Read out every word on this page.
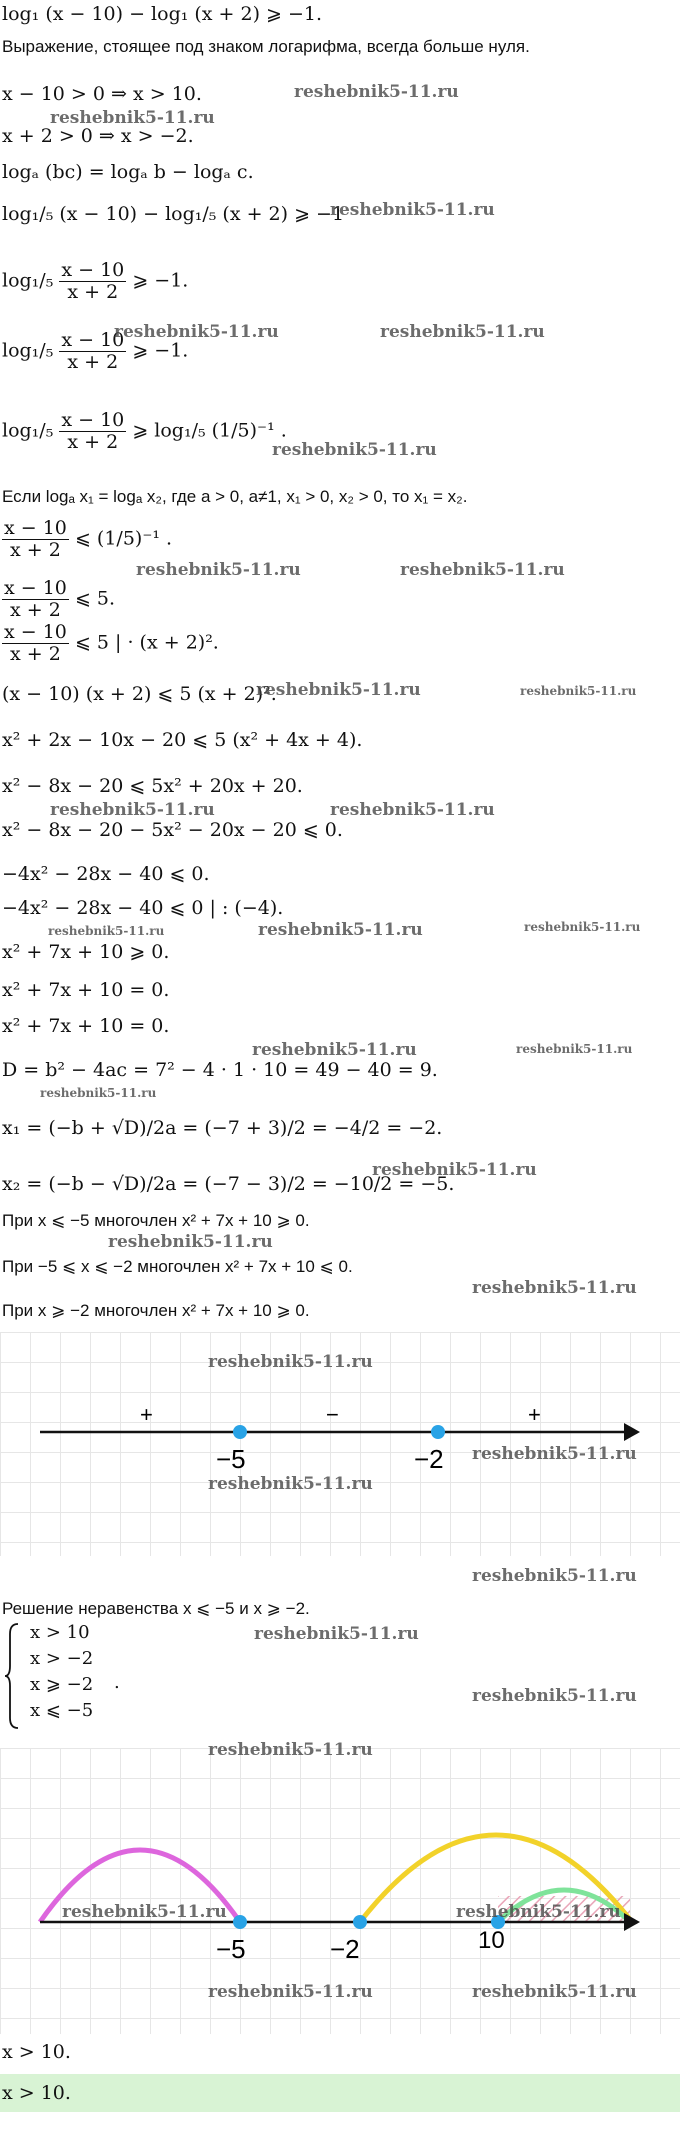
log₁ (x − 10) − log₁ (x + 2) ⩾ −1.
Выражение, стоящее под знаком логарифма, всегда больше нуля.
x − 10 > 0 ⇒ x > 10.
x + 2 > 0 ⇒ x > −2.
logₐ (bc) = logₐ b − logₐ c.
log₁/₅ (x − 10) − log₁/₅ (x + 2) ⩾ −1
$\log_1/_5 \frac{x - 10}{x + 2}$ ⩾ −1.
$\log_1/_5 \frac{x - 10}{x + 2}$ ⩾ −1.
$\log_1/_5 \frac{x - 10}{x + 2}$ ⩾ log₁/₅ (1/5)⁻¹ .
Если logₐ x₁ = logₐ x₂, где a > 0, a≠1, x₁ > 0, x₂ > 0, то x₁ = x₂.
$\frac{x - 10}{x + 2}$ ⩽ (1/5)⁻¹ .
$\frac{x - 10}{x + 2}$ ⩽ 5.
$\frac{x - 10}{x + 2}$ ⩽ 5 | · (x + 2)².
(x − 10) (x + 2) ⩽ 5 (x + 2)².
x² + 2x − 10x − 20 ⩽ 5 (x² + 4x + 4).
x² − 8x − 20 ⩽ 5x² + 20x + 20.
x² − 8x − 20 − 5x² − 20x − 20 ⩽ 0.
−4x² − 28x − 40 ⩽ 0.
−4x² − 28x − 40 ⩽ 0 | : (−4).
x² + 7x + 10 ⩾ 0.
x² + 7x + 10 = 0.
x² + 7x + 10 = 0.
D = b² − 4ac = 7² − 4 · 1 · 10 = 49 − 40 = 9.
x₁ = (−b + √D)/2a = (−7 + 3)/2 = −4/2 = −2.
x₂ = (−b − √D)/2a = (−7 − 3)/2 = −10/2 = −5.
При x ⩽ −5 многочлен x² + 7x + 10 ⩾ 0.
При −5 ⩽ x ⩽ −2 многочлен x² + 7x + 10 ⩽ 0.
При x ⩾ −2 многочлен x² + 7x + 10 ⩾ 0.
+	−	+
−5	−2
Решение неравенства x ⩽ −5 и x ⩾ −2.
x > 10
x > −2
x ⩾ −2
x ⩽ −5
.
−5	−2	10
x > 10.
x > 10.
reshebnik5-11.ru
reshebnik5-11.ru
reshebnik5-11.ru
reshebnik5-11.ru	reshebnik5-11.ru
reshebnik5-11.ru
reshebnik5-11.ru	reshebnik5-11.ru
reshebnik5-11.ru	reshebnik5-11.ru
reshebnik5-11.ru	reshebnik5-11.ru
reshebnik5-11.ru	reshebnik5-11.ru	reshebnik5-11.ru
reshebnik5-11.ru	reshebnik5-11.ru
reshebnik5-11.ru
reshebnik5-11.ru
reshebnik5-11.ru
reshebnik5-11.ru
reshebnik5-11.ru
reshebnik5-11.ru
reshebnik5-11.ru
reshebnik5-11.ru
reshebnik5-11.ru
reshebnik5-11.ru
reshebnik5-11.ru
reshebnik5-11.ru	reshebnik5-11.ru
reshebnik5-11.ru	reshebnik5-11.ru
